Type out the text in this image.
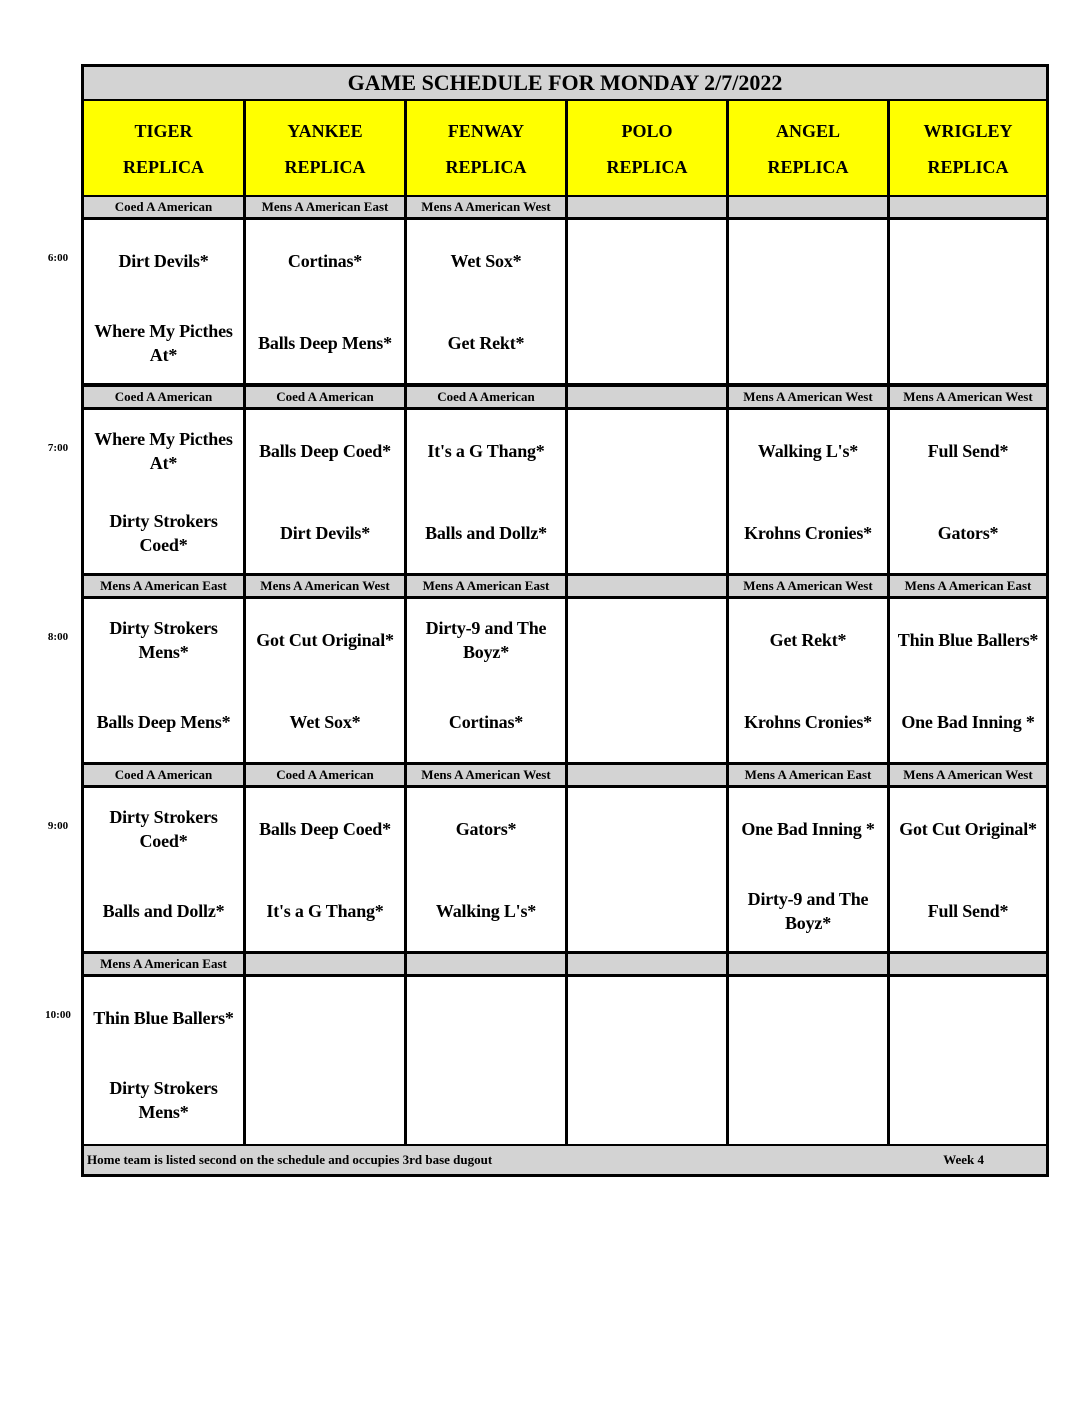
6:00
7:00
8:00
9:00
10:00
GAME SCHEDULE FOR MONDAY 2/7/2022
Coed A American
Dirt Devils*
Where My Picthes At*
Mens A American East
Cortinas*
Balls Deep Mens*
Mens A American West
Wet Sox*
Get Rekt*
Coed A American
Where My Picthes At*
Dirty Strokers Coed*
Coed A American
Balls Deep Coed*
Dirt Devils*
Coed A American
It's a G Thang*
Balls and Dollz*
Mens A American West
Walking L's*
Krohns Cronies*
Mens A American West
Full Send*
Gators*
Mens A American East
Dirty Strokers Mens*
Balls Deep Mens*
Mens A American West
Got Cut Original*
Wet Sox*
Mens A American East
Dirty-9 and The Boyz*
Cortinas*
Mens A American West
Get Rekt*
Krohns Cronies*
Mens A American East
Thin Blue Ballers*
One Bad Inning *
Coed A American
Dirty Strokers Coed*
Balls and Dollz*
Coed A American
Balls Deep Coed*
It's a G Thang*
Mens A American West
Gators*
Walking L's*
Mens A American East
One Bad Inning *
Dirty-9 and The Boyz*
Mens A American West
Got Cut Original*
Full Send*
Mens A American East
Thin Blue Ballers*
Dirty Strokers Mens*
Home team is listed second on the schedule and occupies 3rd base dugout	Week 4
TIGER
REPLICA
YANKEE
REPLICA
FENWAY
REPLICA
POLO
REPLICA
ANGEL
REPLICA
WRIGLEY
REPLICA
